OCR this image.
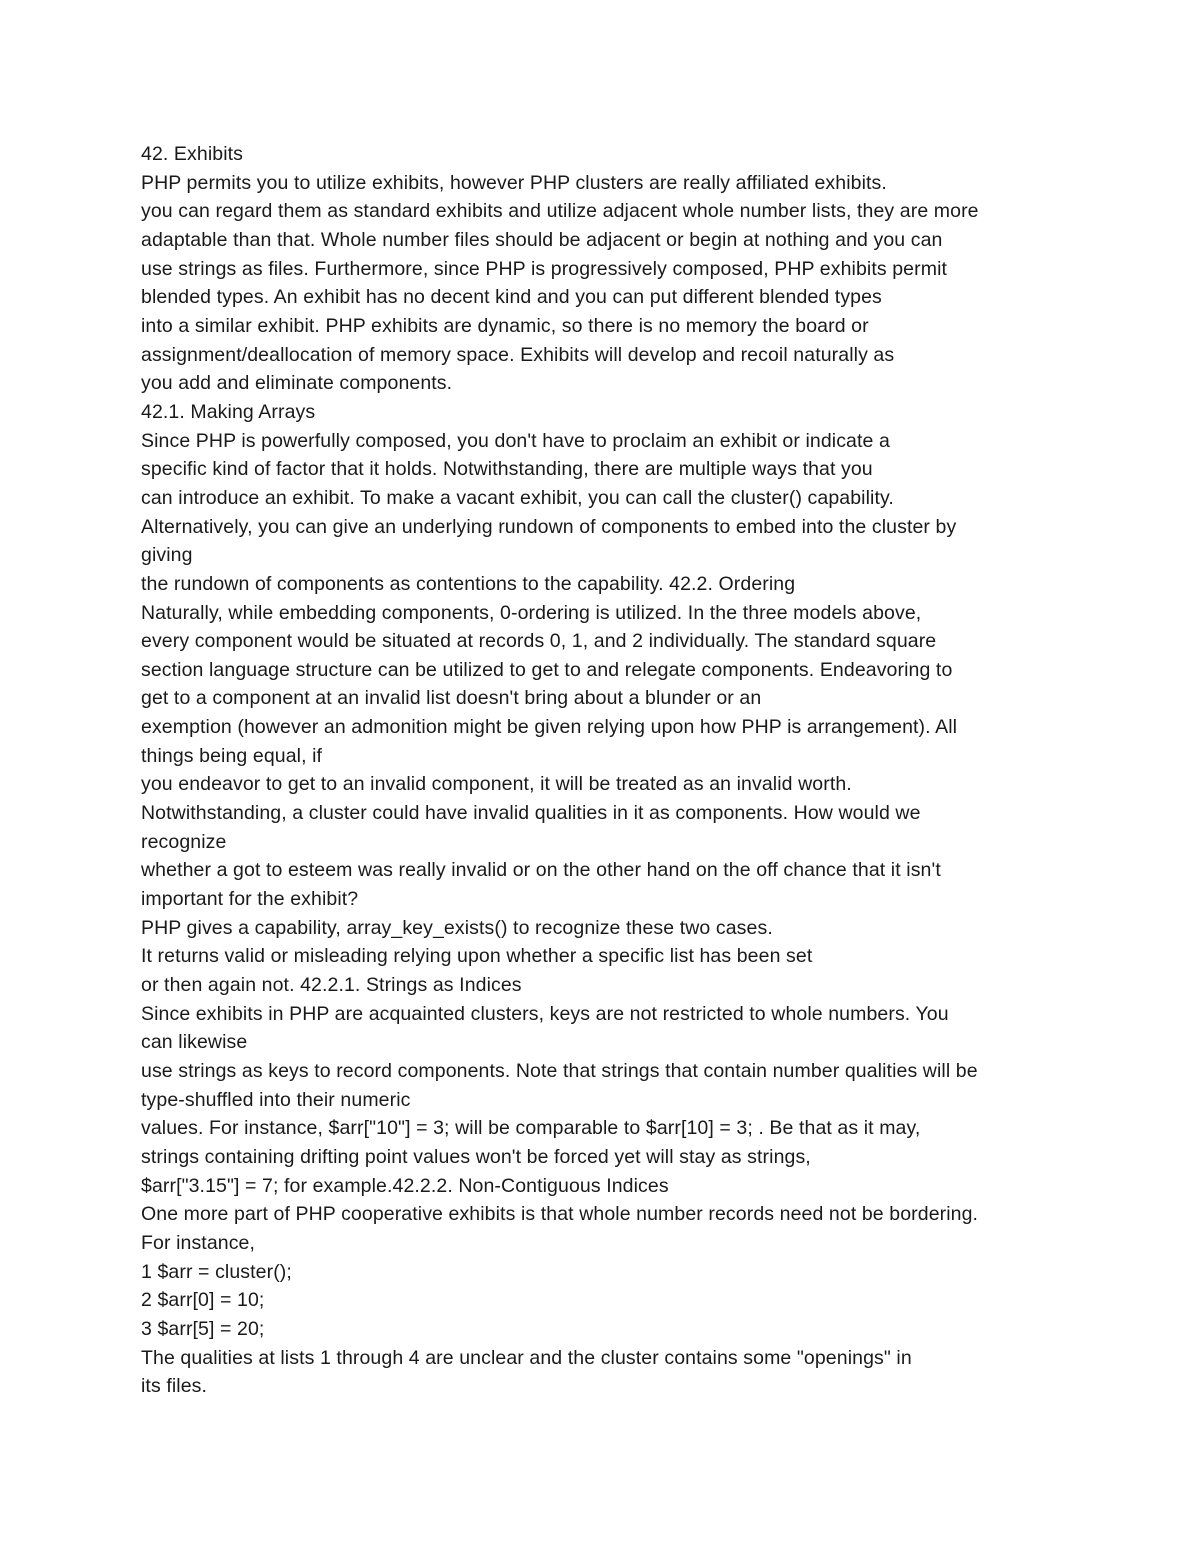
42. Exhibits
PHP permits you to utilize exhibits, however PHP clusters are really affiliated exhibits.
you can regard them as standard exhibits and utilize adjacent whole number lists, they are more
adaptable than that. Whole number files should be adjacent or begin at nothing and you can
use strings as files. Furthermore, since PHP is progressively composed, PHP exhibits permit
blended types. An exhibit has no decent kind and you can put different blended types
into a similar exhibit. PHP exhibits are dynamic, so there is no memory the board or
assignment/deallocation of memory space. Exhibits will develop and recoil naturally as
you add and eliminate components.
42.1. Making Arrays
Since PHP is powerfully composed, you don't have to proclaim an exhibit or indicate a
specific kind of factor that it holds. Notwithstanding, there are multiple ways that you
can introduce an exhibit. To make a vacant exhibit, you can call the cluster() capability.
Alternatively, you can give an underlying rundown of components to embed into the cluster by
giving
the rundown of components as contentions to the capability. 42.2. Ordering
Naturally, while embedding components, 0-ordering is utilized. In the three models above,
every component would be situated at records 0, 1, and 2 individually. The standard square
section language structure can be utilized to get to and relegate components. Endeavoring to
get to a component at an invalid list doesn't bring about a blunder or an
exemption (however an admonition might be given relying upon how PHP is arrangement). All
things being equal, if
you endeavor to get to an invalid component, it will be treated as an invalid worth.
Notwithstanding, a cluster could have invalid qualities in it as components. How would we
recognize
whether a got to esteem was really invalid or on the other hand on the off chance that it isn't
important for the exhibit?
PHP gives a capability, array_key_exists() to recognize these two cases.
It returns valid or misleading relying upon whether a specific list has been set
or then again not. 42.2.1. Strings as Indices
Since exhibits in PHP are acquainted clusters, keys are not restricted to whole numbers. You
can likewise
use strings as keys to record components. Note that strings that contain number qualities will be
type-shuffled into their numeric
values. For instance, $arr["10"] = 3; will be comparable to $arr[10] = 3; . Be that as it may,
strings containing drifting point values won't be forced yet will stay as strings,
$arr["3.15"] = 7; for example.42.2.2. Non-Contiguous Indices
One more part of PHP cooperative exhibits is that whole number records need not be bordering.
For instance,
1 $arr = cluster();
2 $arr[0] = 10;
3 $arr[5] = 20;
The qualities at lists 1 through 4 are unclear and the cluster contains some "openings" in
its files.
